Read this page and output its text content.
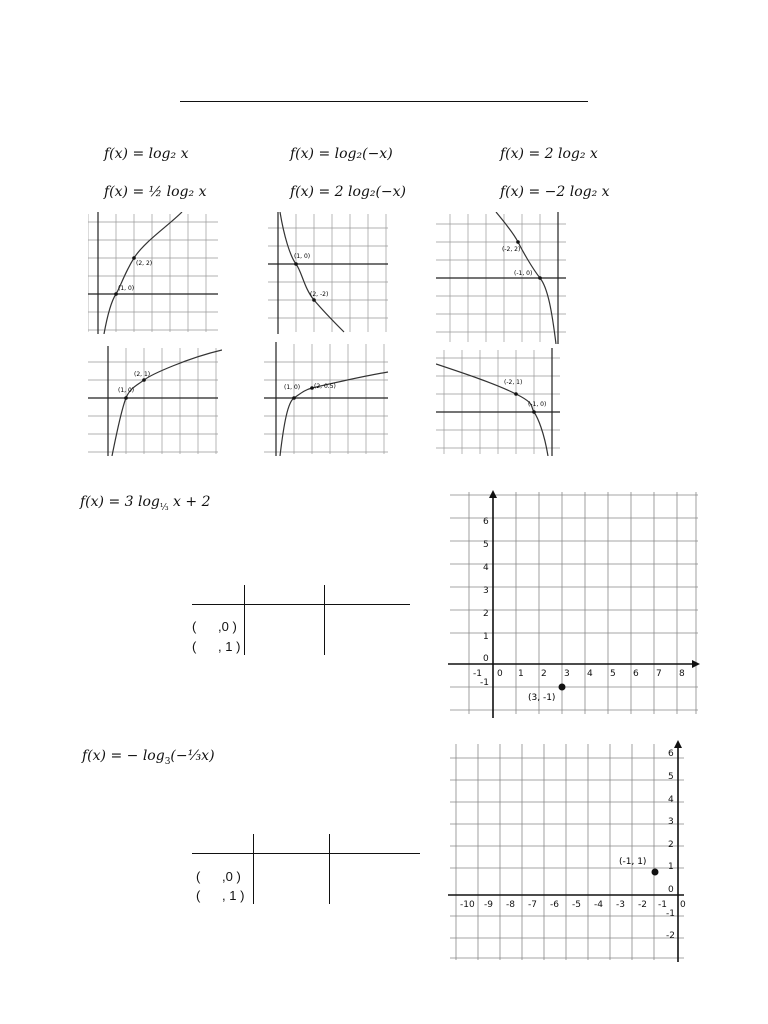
f(x) = log₂ x	f(x) = log₂(−x)	f(x) = 2 log₂ x
f(x) = ½ log₂ x	f(x) = 2 log₂(−x)	f(x) = −2 log₂ x
(1, 0)
(2, 2)
(1, 0)
(2, -2)
(-2, 2)
(-1, 0)
(1, 0)
(2, 1)
(1, 0) (2, 0.5)
(-2, 1)
(-1, 0)
f(x) = 3 $\log_{\frac{1}{3}} x + 2$
(      ,0 )
(      , 1 )
6
5
4
3
2
1
0
-1
-1 0 1 2 3 4 5 6 7 8
(3, -1)
f(x) = − $\log_3(-\frac{1}{3}x)$
(      ,0 )
(      , 1 )
6
5
4
3
2
1
0
-1
-2
-10 -9 -8 -7 -6 -5 -4 -3 -2 -1 0
(-1, 1)
